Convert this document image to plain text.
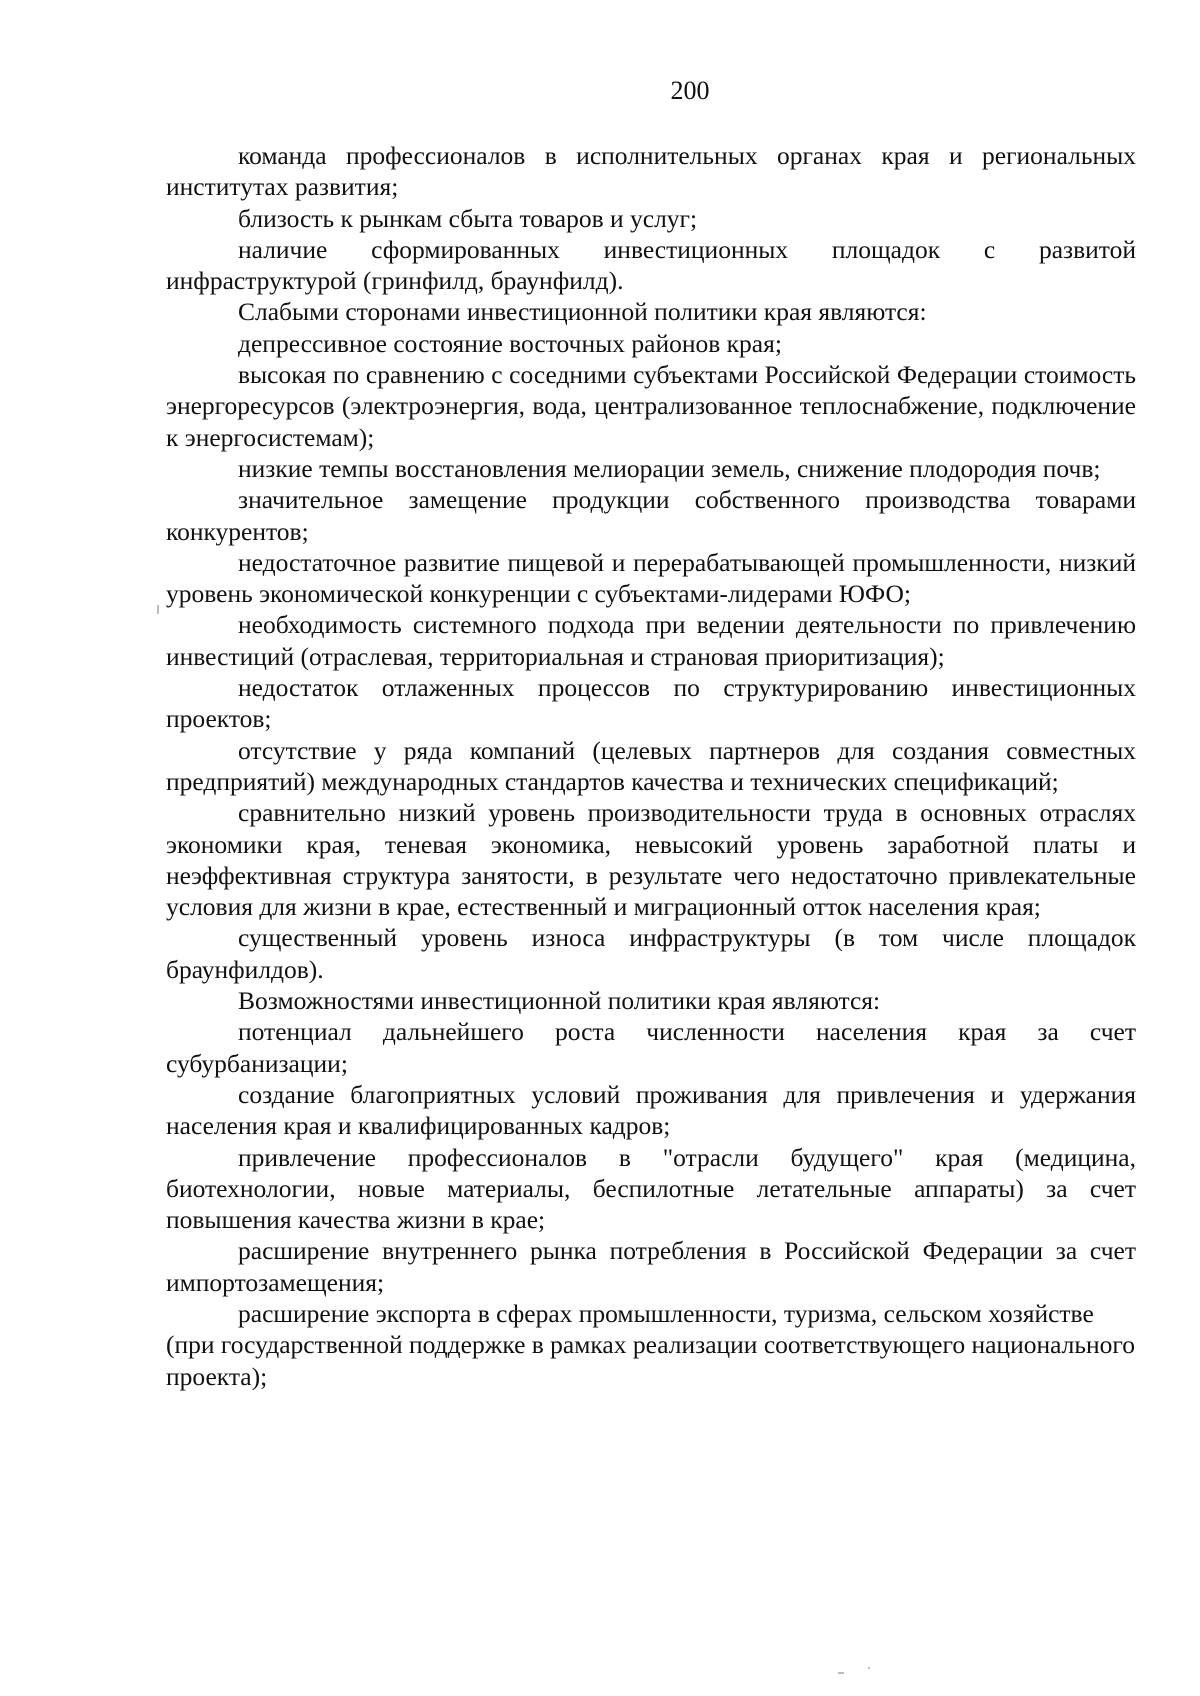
200

команда профессионалов в исполнительных органах края и региональных институтах развития;

близость к рынкам сбыта товаров и услуг;

наличие сформированных инвестиционных площадок с развитой инфраструктурой (гринфилд, браунфилд).

Слабыми сторонами инвестиционной политики края являются:

депрессивное состояние восточных районов края;

высокая по сравнению с соседними субъектами Российской Федерации стоимость энергоресурсов (электроэнергия, вода, централизованное теплоснабжение, подключение к энергосистемам);

низкие темпы восстановления мелиорации земель, снижение плодородия почв;

значительное замещение продукции собственного производства товарами конкурентов;

недостаточное развитие пищевой и перерабатывающей промышленности, низкий уровень экономической конкуренции с субъектами-лидерами ЮФО;

необходимость системного подхода при ведении деятельности по привлечению инвестиций (отраслевая, территориальная и страновая приоритизация);

недостаток отлаженных процессов по структурированию инвестиционных проектов;

отсутствие у ряда компаний (целевых партнеров для создания совместных предприятий) международных стандартов качества и технических спецификаций;

сравнительно низкий уровень производительности труда в основных отраслях экономики края, теневая экономика, невысокий уровень заработной платы и неэффективная структура занятости, в результате чего недостаточно привлекательные условия для жизни в крае, естественный и миграционный отток населения края;

существенный уровень износа инфраструктуры (в том числе площадок браунфилдов).

Возможностями инвестиционной политики края являются:

потенциал дальнейшего роста численности населения края за счет субурбанизации;

создание благоприятных условий проживания для привлечения и удержания населения края и квалифицированных кадров;

привлечение профессионалов в "отрасли будущего" края (медицина, биотехнологии, новые материалы, беспилотные летательные аппараты) за счет повышения качества жизни в крае;

расширение внутреннего рынка потребления в Российской Федерации за счет импортозамещения;

расширение экспорта в сферах промышленности, туризма, сельском хозяйстве (при государственной поддержке в рамках реализации соответствующего национального проекта);
